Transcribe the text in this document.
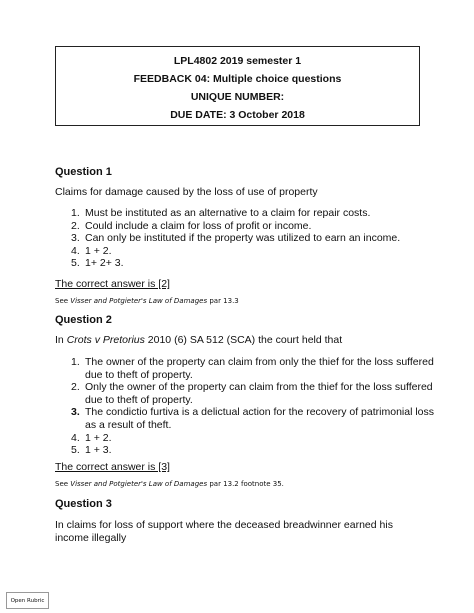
LPL4802 2019 semester 1
FEEDBACK 04: Multiple choice questions
UNIQUE NUMBER:
DUE DATE: 3 October 2018
Question 1
Claims for damage caused by the loss of use of property
1. Must be instituted as an alternative to a claim for repair costs.
2. Could include a claim for loss of profit or income.
3. Can only be instituted if the property was utilized to earn an income.
4. 1 + 2.
5. 1+ 2+ 3.
The correct answer is [2]
See Visser and Potgieter's Law of Damages par 13.3
Question 2
In Crots v Pretorius 2010 (6) SA 512 (SCA) the court held that
1. The owner of the property can claim from only the thief for the loss suffered due to theft of property.
2. Only the owner of the property can claim from the thief for the loss suffered due to theft of property.
3. The condictio furtiva is a delictual action for the recovery of patrimonial loss as a result of theft.
4. 1 + 2.
5. 1 + 3.
The correct answer is [3]
See Visser and Potgieter's Law of Damages par 13.2 footnote 35.
Question 3
In claims for loss of support where the deceased breadwinner earned his income illegally
Open Rubric
